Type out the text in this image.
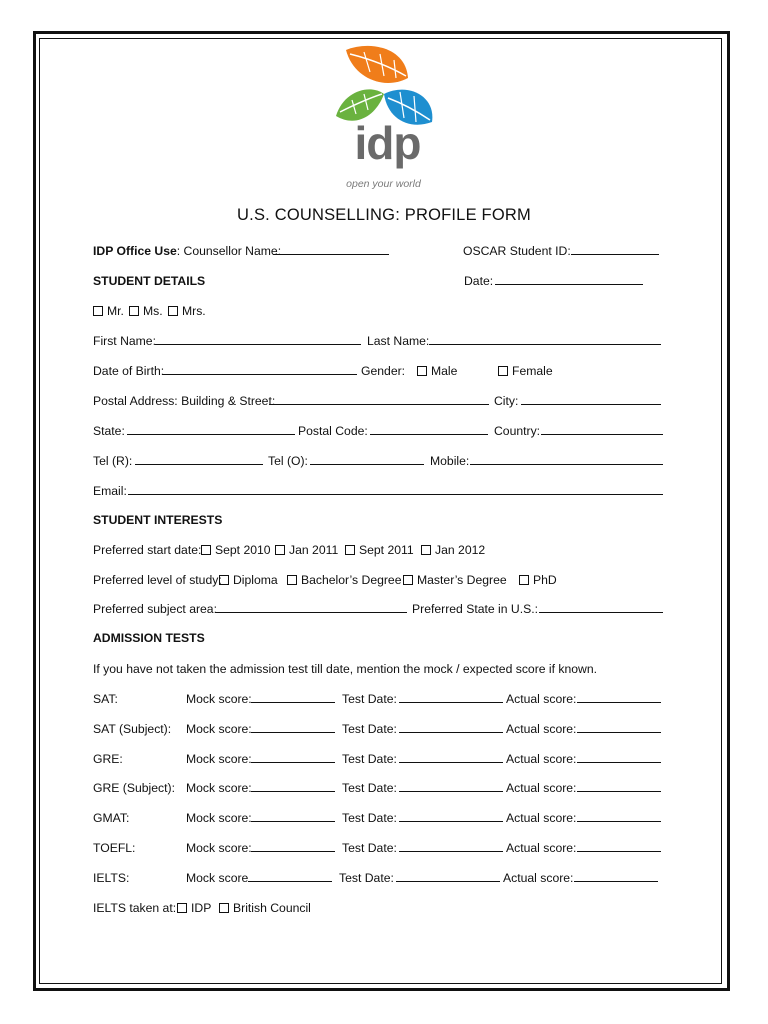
idp
open your world
U.S. COUNSELLING: PROFILE FORM
IDP Office Use: Counsellor Name:	OSCAR Student ID:
STUDENT DETAILS	Date:
Mr.	Ms.	Mrs.
First Name:	Last Name:
Date of Birth:	Gender:	Male	Female
Postal Address: Building & Street:	City:
State:	Postal Code:	Country:
Tel (R):	Tel (O):	Mobile:
Email:
STUDENT INTERESTS
Preferred start date:	Sept 2010	Jan 2011	Sept 2011	Jan 2012
Preferred level of study: Diploma	Bachelor’s Degree	Master’s Degree	PhD
Preferred subject area:	Preferred State in U.S.:
ADMISSION TESTS
If you have not taken the admission test till date, mention the mock / expected score if known.
SAT:	Mock score:	Test Date:	Actual score:
SAT (Subject): Mock score:	Test Date:	Actual score:
GRE:	Mock score:	Test Date:	Actual score:
GRE (Subject): Mock score:	Test Date:	Actual score:
GMAT:	Mock score:	Test Date:	Actual score:
TOEFL:	Mock score:	Test Date:	Actual score:
IELTS:	Mock score	Test Date:	Actual score:
IELTS taken at:	IDP	British Council
